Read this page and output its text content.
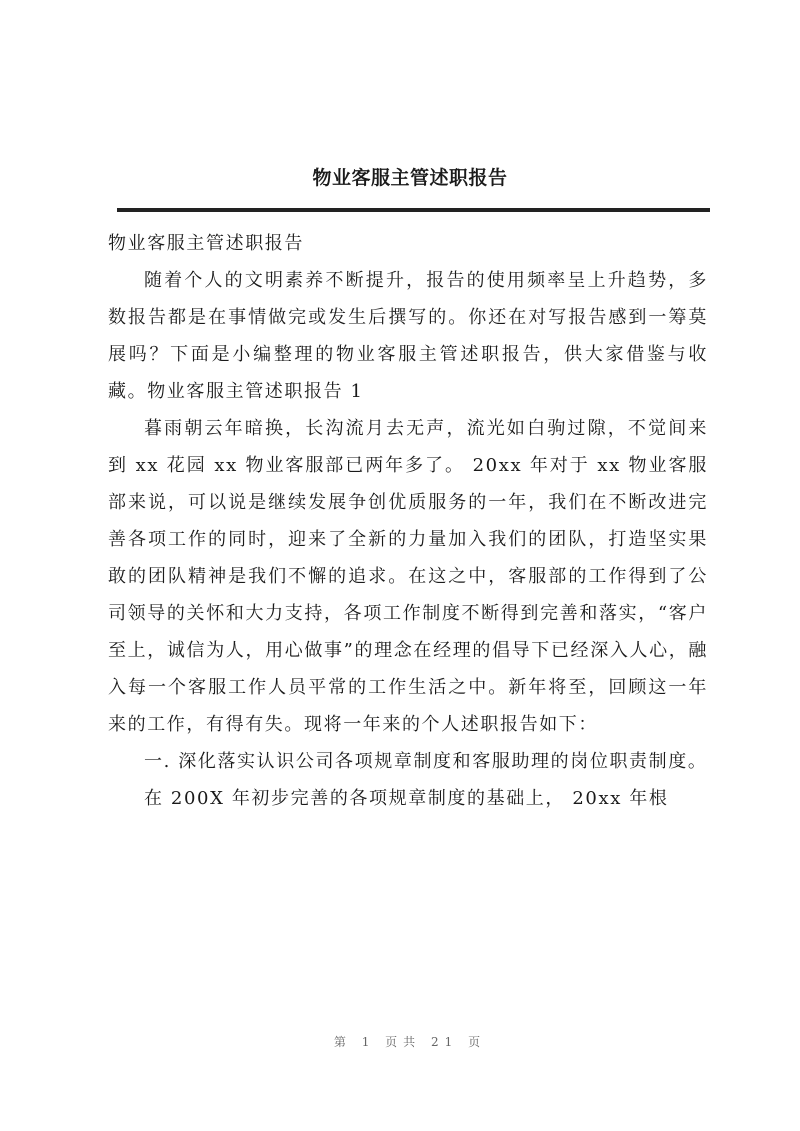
物业客服主管述职报告

物业客服主管述职报告

随着个人的文明素养不断提升，报告的使用频率呈上升趋势，多数报告都是在事情做完或发生后撰写的。你还在对写报告感到一筹莫展吗？下面是小编整理的物业客服主管述职报告，供大家借鉴与收藏。物业客服主管述职报告 1

暮雨朝云年暗换，长沟流月去无声，流光如白驹过隙，不觉间来到 xx 花园 xx 物业客服部已两年多了。 20xx 年对于 xx 物业客服部来说，可以说是继续发展争创优质服务的一年，我们在不断改进完善各项工作的同时，迎来了全新的力量加入我们的团队，打造坚实果敢的团队精神是我们不懈的追求。在这之中，客服部的工作得到了公司领导的关怀和大力支持，各项工作制度不断得到完善和落实，“客户至上，诚信为人，用心做事”的理念在经理的倡导下已经深入人心，融入每一个客服工作人员平常的工作生活之中。新年将至，回顾这一年来的工作，有得有失。现将一年来的个人述职报告如下：

一. 深化落实认识公司各项规章制度和客服助理的岗位职责制度。

在 200X 年初步完善的各项规章制度的基础上， 20xx 年根

第 1 页共 21 页
